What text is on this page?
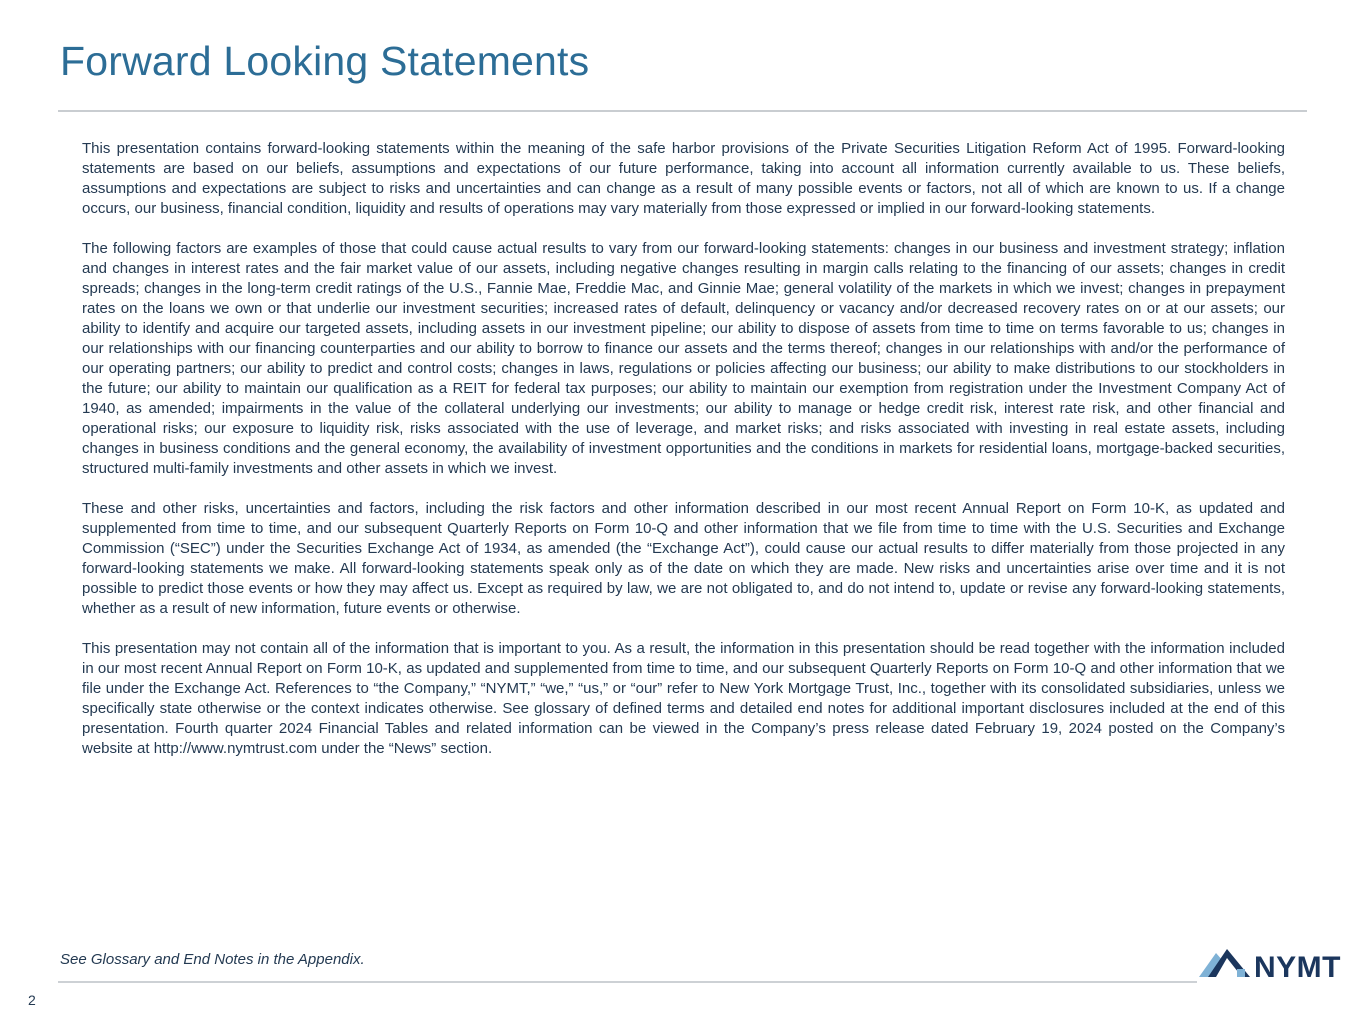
Forward Looking Statements

This presentation contains forward-looking statements within the meaning of the safe harbor provisions of the Private Securities Litigation Reform Act of 1995. Forward-looking statements are based on our beliefs, assumptions and expectations of our future performance, taking into account all information currently available to us. These beliefs, assumptions and expectations are subject to risks and uncertainties and can change as a result of many possible events or factors, not all of which are known to us. If a change occurs, our business, financial condition, liquidity and results of operations may vary materially from those expressed or implied in our forward-looking statements.

The following factors are examples of those that could cause actual results to vary from our forward-looking statements: changes in our business and investment strategy; inflation and changes in interest rates and the fair market value of our assets, including negative changes resulting in margin calls relating to the financing of our assets; changes in credit spreads; changes in the long-term credit ratings of the U.S., Fannie Mae, Freddie Mac, and Ginnie Mae; general volatility of the markets in which we invest; changes in prepayment rates on the loans we own or that underlie our investment securities; increased rates of default, delinquency or vacancy and/or decreased recovery rates on or at our assets; our ability to identify and acquire our targeted assets, including assets in our investment pipeline; our ability to dispose of assets from time to time on terms favorable to us; changes in our relationships with our financing counterparties and our ability to borrow to finance our assets and the terms thereof; changes in our relationships with and/or the performance of our operating partners; our ability to predict and control costs; changes in laws, regulations or policies affecting our business; our ability to make distributions to our stockholders in the future; our ability to maintain our qualification as a REIT for federal tax purposes; our ability to maintain our exemption from registration under the Investment Company Act of 1940, as amended; impairments in the value of the collateral underlying our investments; our ability to manage or hedge credit risk, interest rate risk, and other financial and operational risks; our exposure to liquidity risk, risks associated with the use of leverage, and market risks; and risks associated with investing in real estate assets, including changes in business conditions and the general economy, the availability of investment opportunities and the conditions in markets for residential loans, mortgage-backed securities, structured multi-family investments and other assets in which we invest.

These and other risks, uncertainties and factors, including the risk factors and other information described in our most recent Annual Report on Form 10-K, as updated and supplemented from time to time, and our subsequent Quarterly Reports on Form 10-Q and other information that we file from time to time with the U.S. Securities and Exchange Commission (“SEC”) under the Securities Exchange Act of 1934, as amended (the “Exchange Act”), could cause our actual results to differ materially from those projected in any forward-looking statements we make. All forward-looking statements speak only as of the date on which they are made. New risks and uncertainties arise over time and it is not possible to predict those events or how they may affect us. Except as required by law, we are not obligated to, and do not intend to, update or revise any forward-looking statements, whether as a result of new information, future events or otherwise.

This presentation may not contain all of the information that is important to you. As a result, the information in this presentation should be read together with the information included in our most recent Annual Report on Form 10-K, as updated and supplemented from time to time, and our subsequent Quarterly Reports on Form 10-Q and other information that we file under the Exchange Act. References to “the Company,” “NYMT,” “we,” “us,” or “our” refer to New York Mortgage Trust, Inc., together with its consolidated subsidiaries, unless we specifically state otherwise or the context indicates otherwise. See glossary of defined terms and detailed end notes for additional important disclosures included at the end of this presentation. Fourth quarter 2024 Financial Tables and related information can be viewed in the Company’s press release dated February 19, 2024 posted on the Company’s website at http://www.nymtrust.com under the “News” section.

See Glossary and End Notes in the Appendix.	NYMT
2
